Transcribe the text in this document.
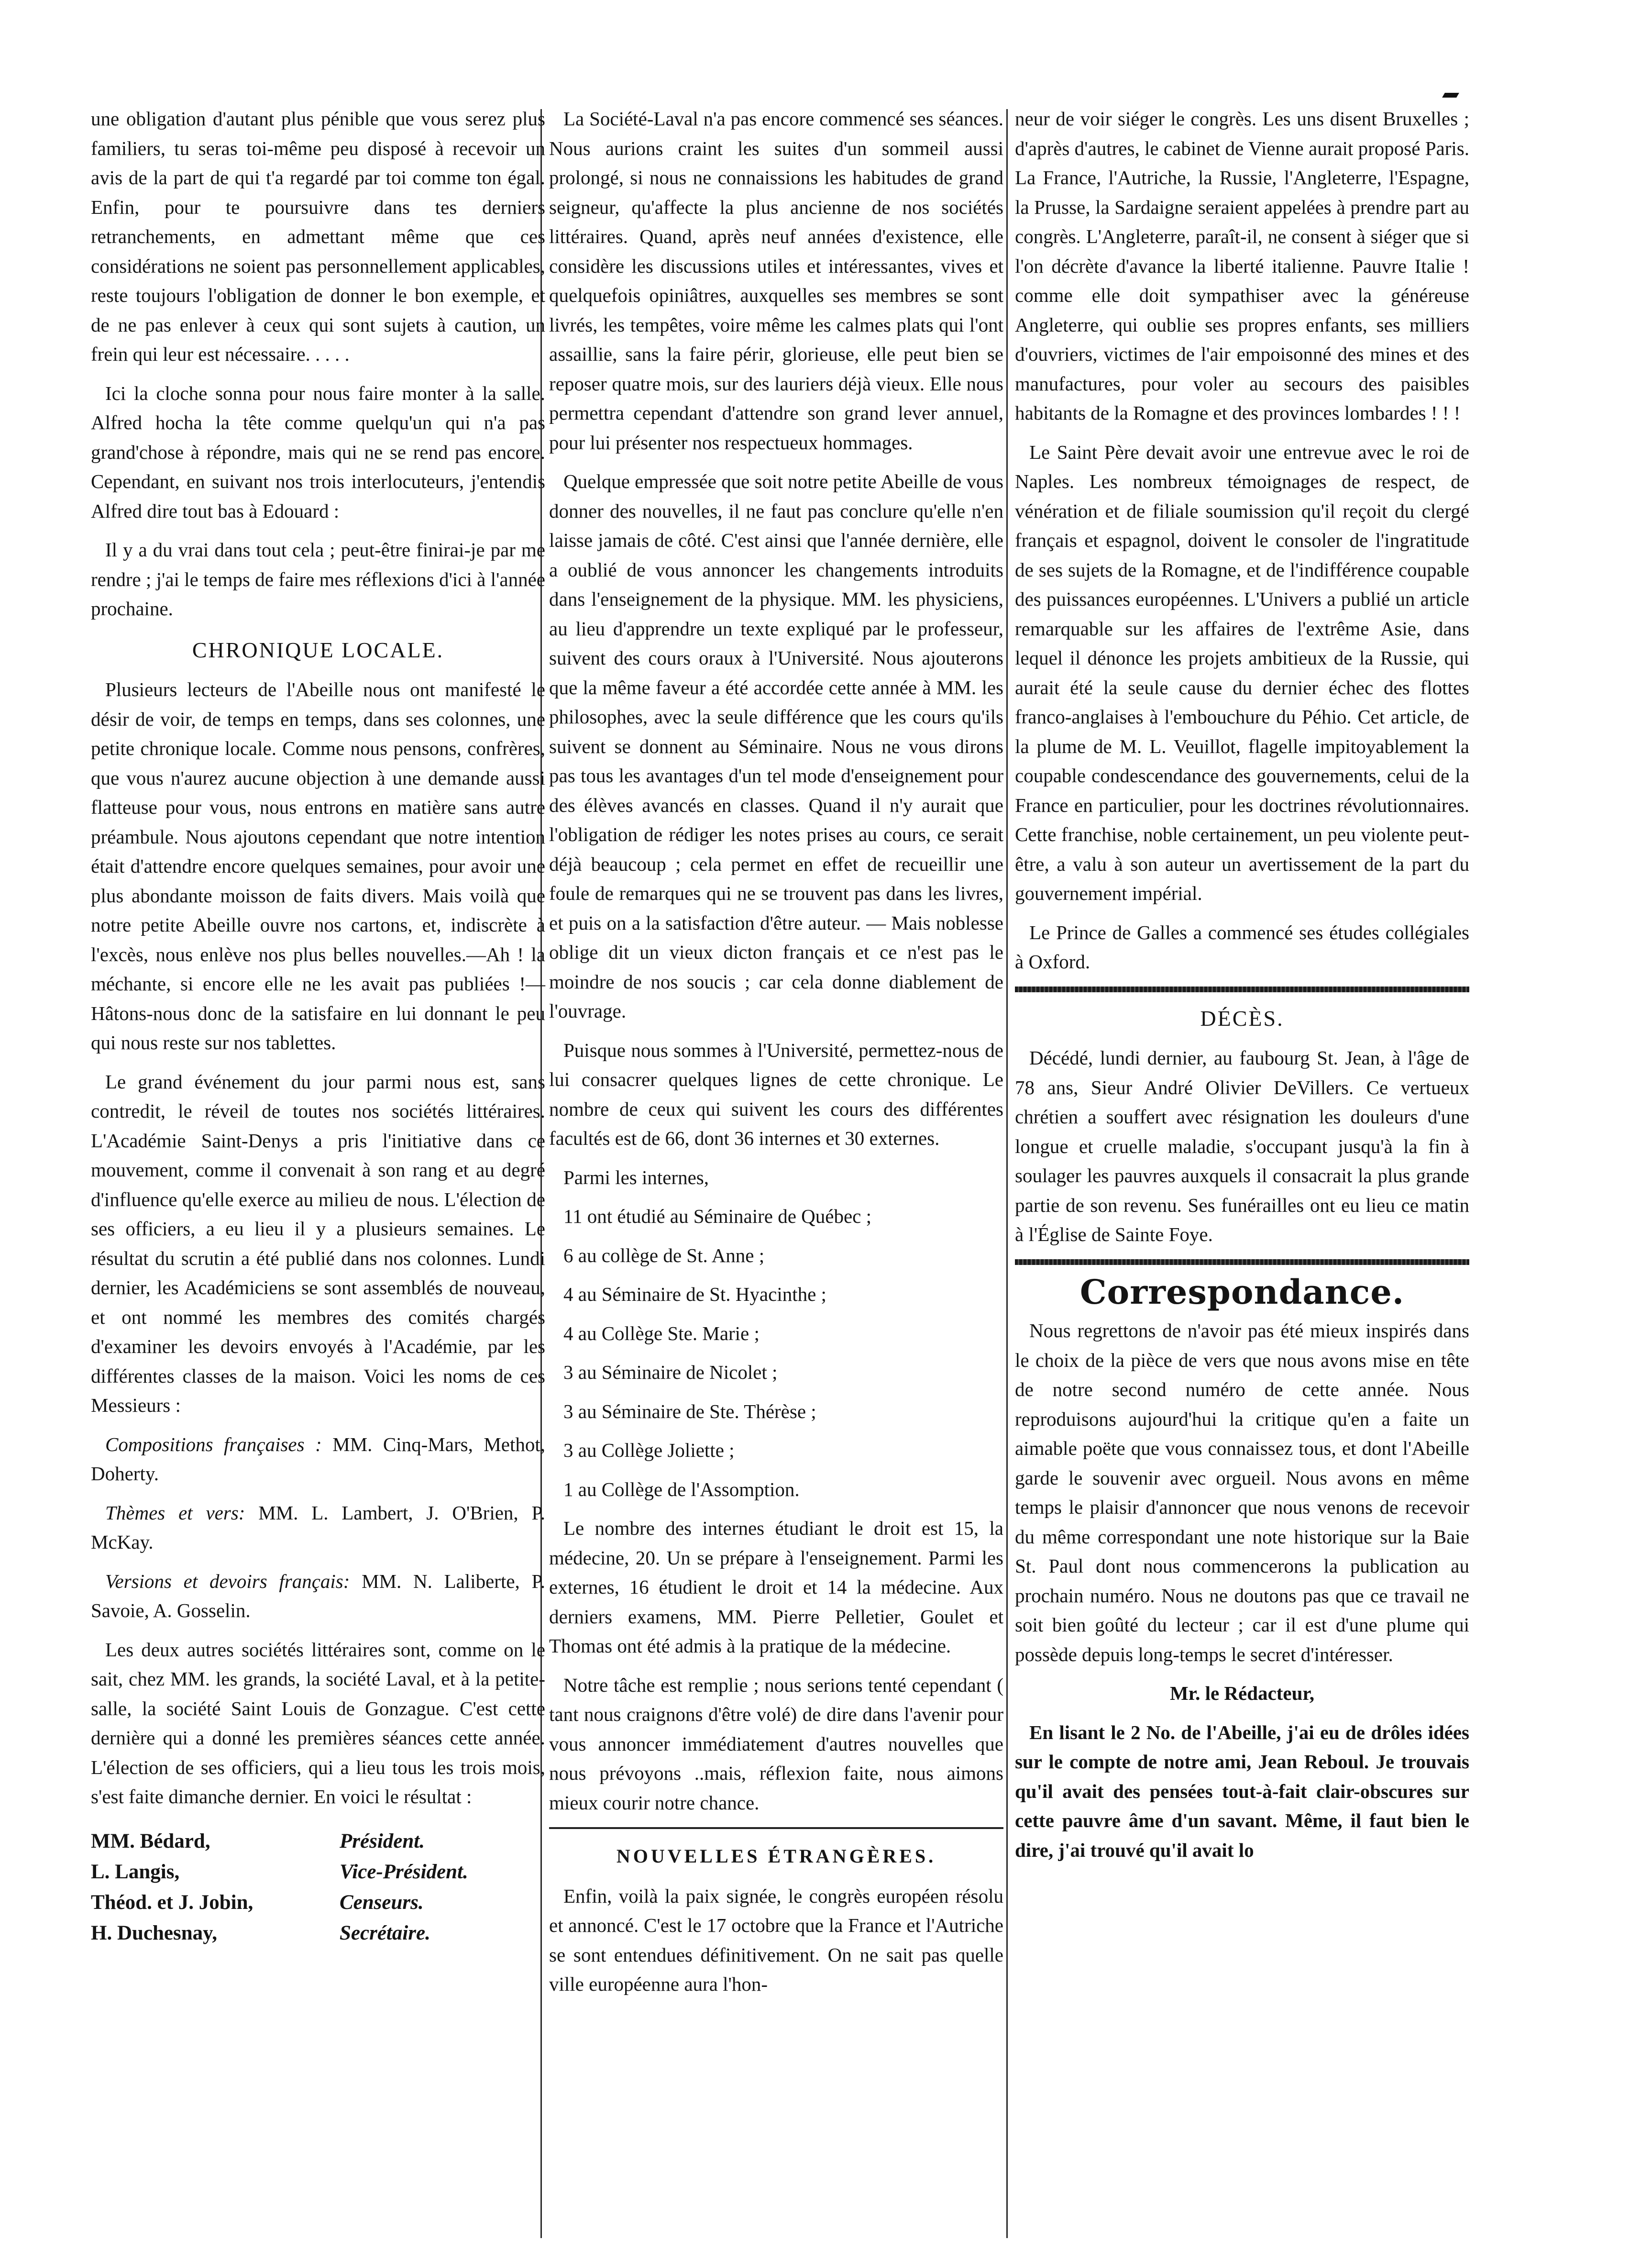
une obligation d'autant plus pénible que vous serez plus familiers, tu seras toi-même peu disposé à recevoir un avis de la part de qui t'a regardé par toi comme ton égal. Enfin, pour te poursuivre dans tes derniers retranchements, en admettant même que ces considérations ne soient pas personnellement applicables, reste toujours l'obligation de donner le bon exemple, et de ne pas enlever à ceux qui sont sujets à caution, un frein qui leur est nécessaire. . . . .

Ici la cloche sonna pour nous faire monter à la salle. Alfred hocha la tête comme quelqu'un qui n'a pas grand'chose à répondre, mais qui ne se rend pas encore. Cependant, en suivant nos trois interlocuteurs, j'entendis Alfred dire tout bas à Edouard :

Il y a du vrai dans tout cela ; peut-être finirai-je par me rendre ; j'ai le temps de faire mes réflexions d'ici à l'année prochaine.

CHRONIQUE LOCALE.

Plusieurs lecteurs de l'Abeille nous ont manifesté le désir de voir, de temps en temps, dans ses colonnes, une petite chronique locale. Comme nous pensons, confrères, que vous n'aurez aucune objection à une demande aussi flatteuse pour vous, nous entrons en matière sans autre préambule. Nous ajoutons cependant que notre intention était d'attendre encore quelques semaines, pour avoir une plus abondante moisson de faits divers. Mais voilà que notre petite Abeille ouvre nos cartons, et, indiscrète à l'excès, nous enlève nos plus belles nouvelles.—Ah ! la méchante, si encore elle ne les avait pas publiées !—Hâtons-nous donc de la satisfaire en lui donnant le peu qui nous reste sur nos tablettes.

Le grand événement du jour parmi nous est, sans contredit, le réveil de toutes nos sociétés littéraires. L'Académie Saint-Denys a pris l'initiative dans ce mouvement, comme il convenait à son rang et au degré d'influence qu'elle exerce au milieu de nous. L'élection de ses officiers, a eu lieu il y a plusieurs semaines. Le résultat du scrutin a été publié dans nos colonnes. Lundi dernier, les Académiciens se sont assemblés de nouveau, et ont nommé les membres des comités chargés d'examiner les devoirs envoyés à l'Académie, par les différentes classes de la maison. Voici les noms de ces Messieurs :

Compositions françaises : MM. Cinq-Mars, Methot, Doherty.

Thèmes et vers: MM. L. Lambert, J. O'Brien, P. McKay.

Versions et devoirs français: MM. N. Laliberte, P. Savoie, A. Gosselin.

Les deux autres sociétés littéraires sont, comme on le sait, chez MM. les grands, la société Laval, et à la petite-salle, la société Saint Louis de Gonzague. C'est cette dernière qui a donné les premières séances cette année. L'élection de ses officiers, qui a lieu tous les trois mois, s'est faite dimanche dernier. En voici le résultat :

MM. Bédard,	Président.
L. Langis,	Vice-Président.
Théod. et J. Jobin,	Censeurs.
H. Duchesnay,	Secrétaire.

La Société-Laval n'a pas encore commencé ses séances. Nous aurions craint les suites d'un sommeil aussi prolongé, si nous ne connaissions les habitudes de grand seigneur, qu'affecte la plus ancienne de nos sociétés littéraires. Quand, après neuf années d'existence, elle considère les discussions utiles et intéressantes, vives et quelquefois opiniâtres, auxquelles ses membres se sont livrés, les tempêtes, voire même les calmes plats qui l'ont assaillie, sans la faire périr, glorieuse, elle peut bien se reposer quatre mois, sur des lauriers déjà vieux. Elle nous permettra cependant d'attendre son grand lever annuel, pour lui présenter nos respectueux hommages.

Quelque empressée que soit notre petite Abeille de vous donner des nouvelles, il ne faut pas conclure qu'elle n'en laisse jamais de côté. C'est ainsi que l'année dernière, elle a oublié de vous annoncer les changements introduits dans l'enseignement de la physique. MM. les physiciens, au lieu d'apprendre un texte expliqué par le professeur, suivent des cours oraux à l'Université. Nous ajouterons que la même faveur a été accordée cette année à MM. les philosophes, avec la seule différence que les cours qu'ils suivent se donnent au Séminaire. Nous ne vous dirons pas tous les avantages d'un tel mode d'enseignement pour des élèves avancés en classes. Quand il n'y aurait que l'obligation de rédiger les notes prises au cours, ce serait déjà beaucoup ; cela permet en effet de recueillir une foule de remarques qui ne se trouvent pas dans les livres, et puis on a la satisfaction d'être auteur. — Mais noblesse oblige dit un vieux dicton français et ce n'est pas le moindre de nos soucis ; car cela donne diablement de l'ouvrage.

Puisque nous sommes à l'Université, permettez-nous de lui consacrer quelques lignes de cette chronique. Le nombre de ceux qui suivent les cours des différentes facultés est de 66, dont 36 internes et 30 externes.

Parmi les internes,

11 ont étudié au Séminaire de Québec ;

6 au collège de St. Anne ;

4 au Séminaire de St. Hyacinthe ;

4 au Collège Ste. Marie ;

3 au Séminaire de Nicolet ;

3 au Séminaire de Ste. Thérèse ;

3 au Collège Joliette ;

1 au Collège de l'Assomption.

Le nombre des internes étudiant le droit est 15, la médecine, 20. Un se prépare à l'enseignement. Parmi les externes, 16 étudient le droit et 14 la médecine. Aux derniers examens, MM. Pierre Pelletier, Goulet et Thomas ont été admis à la pratique de la médecine.

Notre tâche est remplie ; nous serions tenté cependant ( tant nous craignons d'être volé) de dire dans l'avenir pour vous annoncer immédiatement d'autres nouvelles que nous prévoyons ..mais, réflexion faite, nous aimons mieux courir notre chance.

NOUVELLES ÉTRANGÈRES.

Enfin, voilà la paix signée, le congrès européen résolu et annoncé. C'est le 17 octobre que la France et l'Autriche se sont entendues définitivement. On ne sait pas quelle ville européenne aura l'hon-

neur de voir siéger le congrès. Les uns disent Bruxelles ; d'après d'autres, le cabinet de Vienne aurait proposé Paris. La France, l'Autriche, la Russie, l'Angleterre, l'Espagne, la Prusse, la Sardaigne seraient appelées à prendre part au congrès. L'Angleterre, paraît-il, ne consent à siéger que si l'on décrète d'avance la liberté italienne. Pauvre Italie ! comme elle doit sympathiser avec la généreuse Angleterre, qui oublie ses propres enfants, ses milliers d'ouvriers, victimes de l'air empoisonné des mines et des manufactures, pour voler au secours des paisibles habitants de la Romagne et des provinces lombardes ! ! !

Le Saint Père devait avoir une entrevue avec le roi de Naples. Les nombreux témoignages de respect, de vénération et de filiale soumission qu'il reçoit du clergé français et espagnol, doivent le consoler de l'ingratitude de ses sujets de la Romagne, et de l'indifférence coupable des puissances européennes. L'Univers a publié un article remarquable sur les affaires de l'extrême Asie, dans lequel il dénonce les projets ambitieux de la Russie, qui aurait été la seule cause du dernier échec des flottes franco-anglaises à l'embouchure du Péhio. Cet article, de la plume de M. L. Veuillot, flagelle impitoyablement la coupable condescendance des gouvernements, celui de la France en particulier, pour les doctrines révolutionnaires. Cette franchise, noble certainement, un peu violente peut-être, a valu à son auteur un avertissement de la part du gouvernement impérial.

Le Prince de Galles a commencé ses études collégiales à Oxford.

DÉCÈS.

Décédé, lundi dernier, au faubourg St. Jean, à l'âge de 78 ans, Sieur André Olivier DeVillers. Ce vertueux chrétien a souffert avec résignation les douleurs d'une longue et cruelle maladie, s'occupant jusqu'à la fin à soulager les pauvres auxquels il consacrait la plus grande partie de son revenu. Ses funérailles ont eu lieu ce matin à l'Église de Sainte Foye.

Correspondance.

Nous regrettons de n'avoir pas été mieux inspirés dans le choix de la pièce de vers que nous avons mise en tête de notre second numéro de cette année. Nous reproduisons aujourd'hui la critique qu'en a faite un aimable poëte que vous connaissez tous, et dont l'Abeille garde le souvenir avec orgueil. Nous avons en même temps le plaisir d'annoncer que nous venons de recevoir du même correspondant une note historique sur la Baie St. Paul dont nous commencerons la publication au prochain numéro. Nous ne doutons pas que ce travail ne soit bien goûté du lecteur ; car il est d'une plume qui possède depuis long-temps le secret d'intéresser.

Mr. le Rédacteur,

En lisant le 2 No. de l'Abeille, j'ai eu de drôles idées sur le compte de notre ami, Jean Reboul. Je trouvais qu'il avait des pensées tout-à-fait clair-obscures sur cette pauvre âme d'un savant. Même, il faut bien le dire, j'ai trouvé qu'il avait lo
